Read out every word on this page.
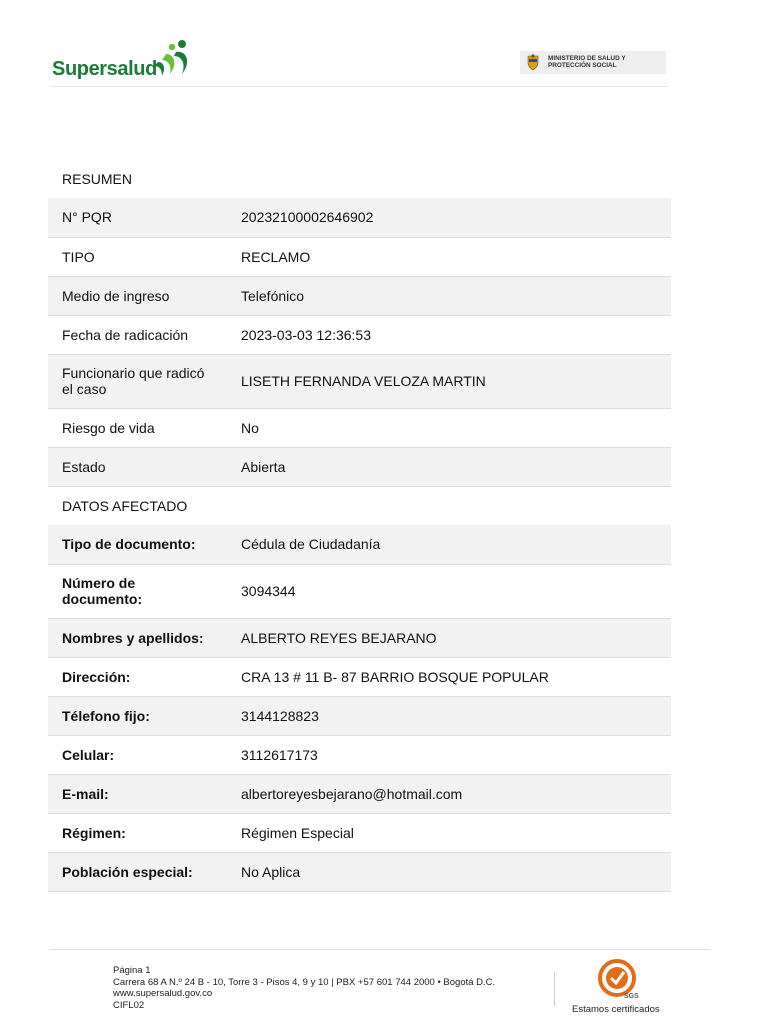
Supersalud	MINISTERIO DE SALUD Y
PROTECCIÓN SOCIAL
RESUMEN	
N° PQR	20232100002646902
TIPO	RECLAMO
Medio de ingreso	Telefónico
Fecha de radicación	2023-03-03 12:36:53
Funcionario que radicó el caso	LISETH FERNANDA VELOZA MARTIN
Riesgo de vida	No
Estado	Abierta
DATOS AFECTADO	
Tipo de documento:	Cédula de Ciudadanía
Número de documento:	3094344
Nombres y apellidos:	ALBERTO REYES BEJARANO
Dirección:	CRA 13 # 11 B- 87 BARRIO BOSQUE POPULAR
Télefono fijo:	3144128823
Celular:	3112617173
E-mail:	albertoreyesbejarano@hotmail.com
Régimen:	Régimen Especial
Población especial:	No Aplica
Página 1
Carrera 68 A N.º 24 B - 10, Torre 3 - Pisos 4, 9 y 10 | PBX +57 601 744 2000 • Bogotá D.C.
www.supersalud.gov.co
CIFL02
SGS
Estamos certificados
